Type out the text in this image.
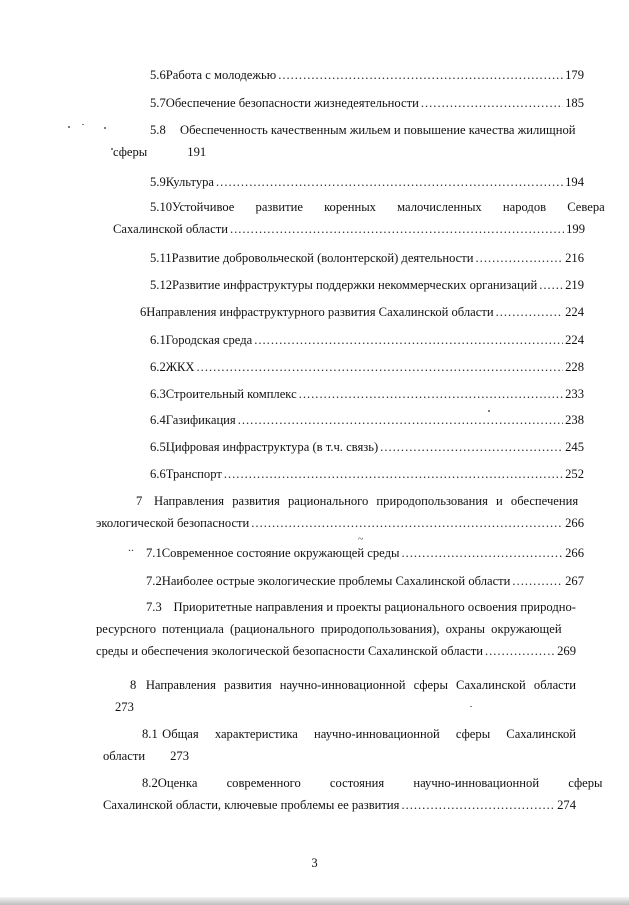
5.6 Работа с молодежью .....	179
5.7 Обеспечение безопасности жизнедеятельности .....	185
5.8	Обеспеченность качественным жильем и повышение качества жилищной
сферы	191
5.9 Культура .....	194
5.10 Устойчивое развитие коренных малочисленных народов Севера
Сахалинской области .....	199
5.11 Развитие добровольческой (волонтерской) деятельности .....	216
5.12 Развитие инфраструктуры поддержки некоммерческих организаций ..... 219
6 Направления инфраструктурного развития Сахалинской области .....	224
6.1 Городская среда .....	224
6.2 ЖКХ .....	228
6.3 Строительный комплекс .....	233
6.4 Газификация .....	238
6.5 Цифровая инфраструктура (в т.ч. связь) .....	245
6.6 Транспорт .....	252
7 Направления развития рационального природопользования и обеспечения
экологической безопасности .....	266
7.1 Современное состояние окружающей среды .....	266
7.2 Наиболее острые экологические проблемы Сахалинской области .....	267
7.3 Приоритетные направления и проекты рационального освоения природно-
ресурсного потенциала (рационального природопользования), охраны окружающей
среды и обеспечения экологической безопасности Сахалинской области .....	269
8 Направления развития научно-инновационной сферы Сахалинской области
273
8.1 Общая характеристика научно-инновационной сферы Сахалинской
области 273
8.2 Оценка современного состояния научно-инновационной сферы
Сахалинской области, ключевые проблемы ее развития .....	274
3
..
~
